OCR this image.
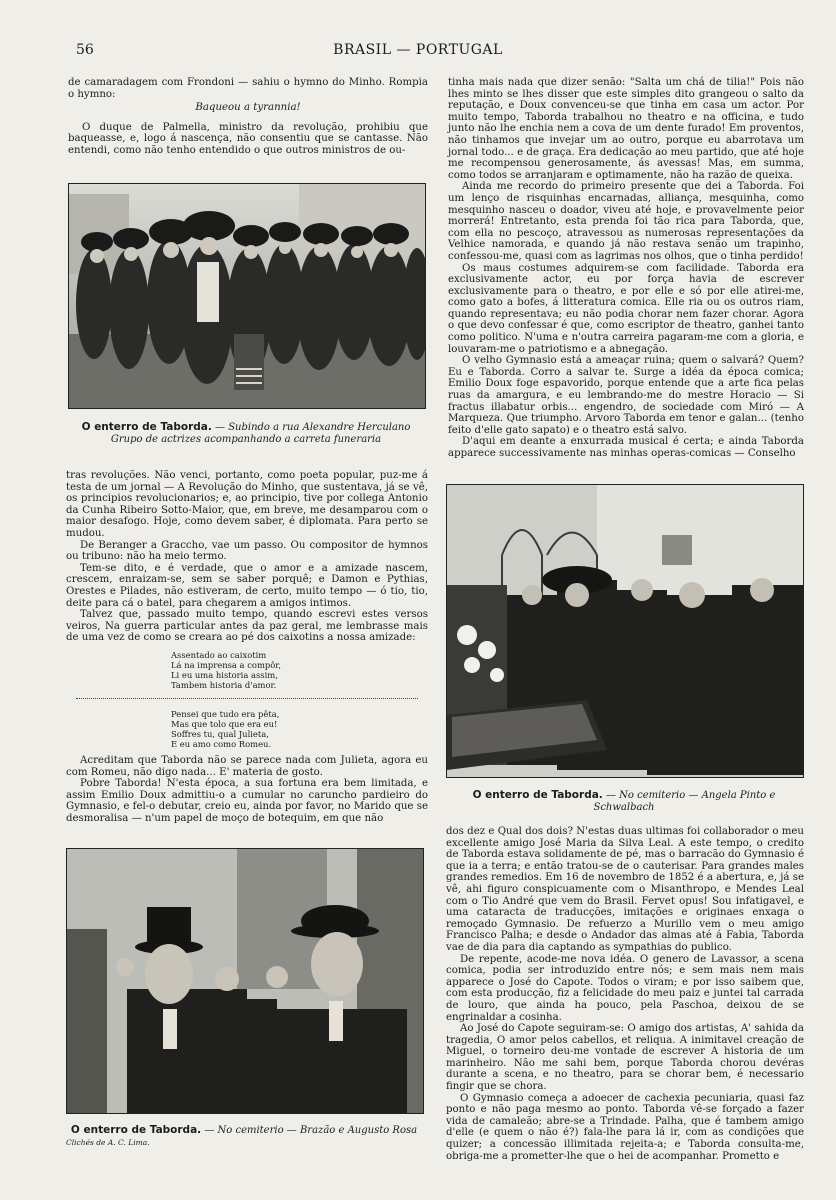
56	BRASIL — PORTUGAL

de camaradagem com Frondoni — sahiu o hymno do Minho. Rompia o hymno:

Baqueou a tyrannia!

O duque de Palmella, ministro da revolução, prohibiu que baqueasse, e, logo á nascença, não consentiu que se cantasse. Não entendi, como não tenho entendido o que outros ministros de ou-

O enterro de Taborda. — Subindo a rua Alexandre Herculano
Grupo de actrizes acompanhando a carreta funeraria

tras revoluções. Não venci, portanto, como poeta popular, puz-me á testa de um jornal — A Revolução do Minho, que sustentava, já se vê, os principios revolucionarios; e, ao principio, tive por collega Antonio da Cunha Ribeiro Sotto-Maior, que, em breve, me desamparou com o maior desafogo. Hoje, como devem saber, é diplomata. Para perto se mudou.

De Beranger a Graccho, vae um passo. Ou compositor de hymnos ou tribuno: não ha meio termo.

Tem-se dito, e é verdade, que o amor e a amizade nascem, crescem, enraizam-se, sem se saber porquê; e Damon e Pythias, Orestes e Pilades, não estiveram, de certo, muito tempo — ó tio, tio, deite para cá o batel, para chegarem a amigos intimos.

Talvez que, passado muito tempo, quando escrevi estes versos veiros, Na guerra particular antes da paz geral, me lembrasse mais de uma vez de como se creara ao pé dos caixotins a nossa amizade:

Assentado ao caixotim
Lá na imprensa a compôr,
Li eu uma historia assim,
Tambem historia d'amor.
Pensei que tudo era pêta,
Mas que tolo que era eu!
Soffres tu, qual Julieta,
E eu amo como Romeu.

Acreditam que Taborda não se parece nada com Julieta, agora eu com Romeu, não digo nada... E' materia de gosto.

Pobre Taborda! N'esta época, a sua fortuna era bem limitada, e assim Emilio Doux admittiu-o a cumular no caruncho pardieiro do Gymnasio, e fel-o debutar, creio eu, ainda por favor, no Marido que se desmoralisa — n'um papel de moço de botequim, em que não

tinha mais nada que dizer senão: "Salta um chá de tilia!" Pois não lhes minto se lhes disser que este simples dito grangeou o salto da reputação, e Doux convenceu-se que tinha em casa um actor. Por muito tempo, Taborda trabalhou no theatro e na officina, e tudo junto não lhe enchia nem a cova de um dente furado! Em proventos, não tinhamos que invejar um ao outro, porque eu abarrotava um jornal todo... e de graça. Era dedicação ao meu partido, que até hoje me recompensou generosamente, ás avessas! Mas, em summa, como todos se arranjaram e optimamente, não ha razão de queixa.

Ainda me recordo do primeiro presente que dei a Taborda. Foi um lenço de risquinhas encarnadas, alliança, mesquinha, como mesquinho nasceu o doador, viveu até hoje, e provavelmente peior morrerá! Entretanto, esta prenda foi tão rica para Taborda, que, com ella no pescoço, atravessou as numerosas representações da Velhice namorada, e quando já não restava senão um trapinho, confessou-me, quasi com as lagrimas nos olhos, que o tinha perdido!

Os maus costumes adquirem-se com facilidade. Taborda era exclusivamente actor, eu por força havia de escrever exclusivamente para o theatro, e por elle e só por elle atirei-me, como gato a bofes, á litteratura comica. Elle ria ou os outros riam, quando representava; eu não podia chorar nem fazer chorar. Agora o que devo confessar é que, como escriptor de theatro, ganhei tanto como politico. N'uma e n'outra carreira pagaram-me com a gloria, e louvaram-me o patriotismo e a abnegação.

O velho Gymnasio está a ameaçar ruina; quem o salvará? Quem? Eu e Taborda. Corro a salvar te. Surge a idéa da época comica; Emilio Doux foge espavorido, porque entende que a arte fica pelas ruas da amargura, e eu lembrando-me do mestre Horacio — Si fractus illabatur orbis... engendro, de sociedade com Miró — A Marqueza. Que triumpho. Arvoro Taborda em tenor e galan... (tenho feito d'elle gato sapato) e o theatro está salvo.

D'aqui em deante a enxurrada musical é certa; e ainda Taborda apparece successivamente nas minhas operas-comicas — Conselho

O enterro de Taborda. — No cemiterio — Angela Pinto e Schwalbach

dos dez e Qual dos dois? N'estas duas ultimas foi collaborador o meu excellente amigo José Maria da Silva Leal. A este tempo, o credito de Taborda estava solidamente de pé, mas o barracão do Gymnasio é que ia a terra; e então tratou-se de o cauterisar. Para grandes males grandes remedios. Em 16 de novembro de 1852 é a abertura, e, já se vê, ahi figuro conspicuamente com o Misanthropo, e Mendes Leal com o Tio André que vem do Brasil. Fervet opus! Sou infatigavel, e uma cataracta de traducções, imitações e originaes enxaga o remoçado Gymnasio. De refuerzo a Murillo vem o meu amigo Francisco Palha; e desde o Andador das almas até á Fabia, Taborda vae de dia para dia captando as sympathias do publico.

De repente, acode-me nova idéa. O genero de Lavassor, a scena comica, podia ser introduzido entre nós; e sem mais nem mais apparece o José do Capote. Todos o viram; e por isso saibem que, com esta producção, fiz a felicidade do meu paiz e juntei tal carrada de louro, que ainda ha pouco, pela Paschoa, deixou de se engrinaldar a cosinha.

Ao José do Capote seguiram-se: O amigo dos artistas, A' sahida da tragedia, O amor pelos cabellos, et reliqua. A inimitavel creação de Miguel, o torneiro deu-me vontade de escrever A historia de um marinheiro. Não me sahi bem, porque Taborda chorou devéras durante a scena, e no theatro, para se chorar bem, é necessario fingir que se chora.

O Gymnasio começa a adoecer de cachexia pecuniaria, quasi faz ponto e não paga mesmo ao ponto. Taborda vê-se forçado a fazer vida de camaleão; abre-se a Trindade. Palha, que é tambem amigo d'elle (e quem o não é?) fala-lhe para lá ir, com as condições que quizer; a concessão illimitada rejeita-a; e Taborda consulta-me, obriga-me a prometter-lhe que o hei de acompanhar. Prometto e

O enterro de Taborda. — No cemiterio — Brazão e Augusto Rosa
Clichés de A. C. Lima.
